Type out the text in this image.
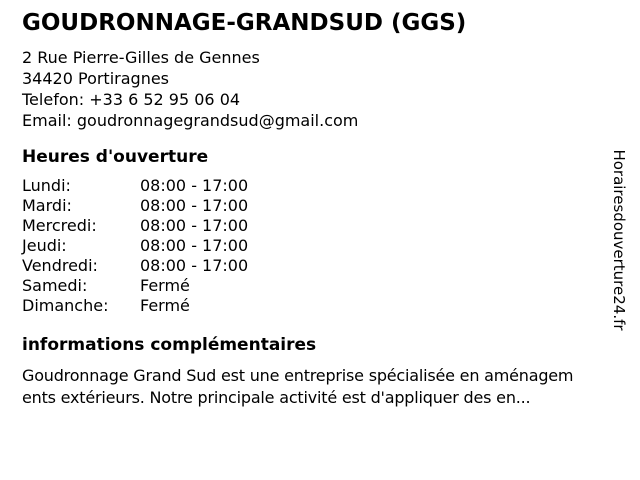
GOUDRONNAGE-GRANDSUD (GGS)
2 Rue Pierre-Gilles de Gennes
34420 Portiragnes
Telefon: +33 6 52 95 06 04
Email: goudronnagegrandsud@gmail.com
Heures d'ouverture
Lundi:	08:00 - 17:00
Mardi:	08:00 - 17:00
Mercredi:	08:00 - 17:00
Jeudi:	08:00 - 17:00
Vendredi:	08:00 - 17:00
Samedi:	Fermé
Dimanche:	Fermé
informations complémentaires
Goudronnage Grand Sud est une entreprise spécialisée en aménagem
ents extérieurs. Notre principale activité est d'appliquer des en...
Horairesdouverture24.fr
